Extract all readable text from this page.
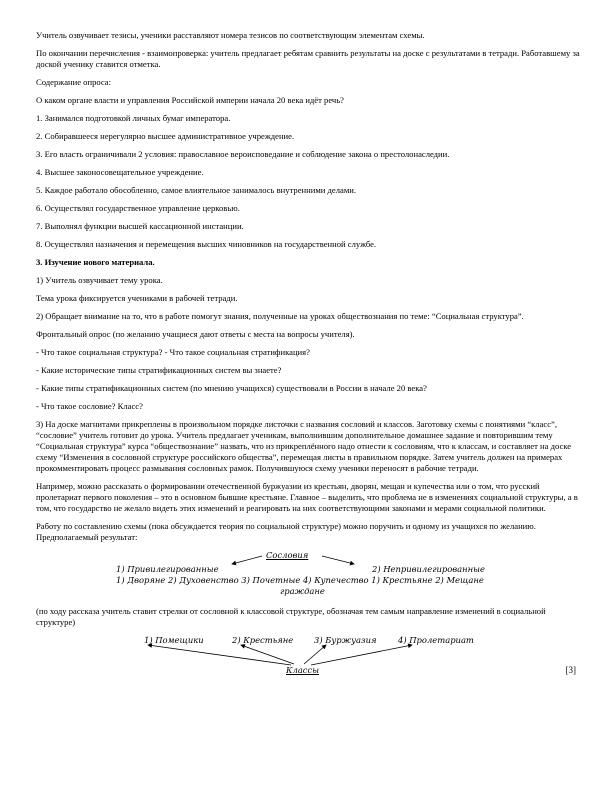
Учитель озвучивает тезисы, ученики расставляют номера тезисов по соответствующим элементам схемы.

По окончании перечисления - взаимопроверка: учитель предлагает ребятам сравнить результаты на доске с результатами в тетради. Работавшему за доской ученику ставится отметка.

Содержание опроса:

О каком органе власти и управления Российской империи начала 20 века идёт речь?

1. Занимался подготовкой личных бумаг императора.

2. Собиравшееся нерегулярно высшее административное учреждение.

3. Его власть ограничивали 2 условия: православное вероисповедание и соблюдение закона о престолонаследии.

4. Высшее законосовещательное учреждение.

5. Каждое работало обособленно, самое влиятельное занималось внутренними делами.

6. Осуществлял государственное управление церковью.

7. Выполнял функции высшей кассационной инстанции.

8. Осуществлял назначения и перемещения высших чиновников на государственной службе.

3. Изучение нового материала.

1) Учитель озвучивает тему урока.

Тема урока фиксируется учениками в рабочей тетради.

2) Обращает внимание на то, что в работе помогут знания, полученные на уроках обществознания по теме: “Социальная структура”.

Фронтальный опрос (по желанию учащиеся дают ответы с места на вопросы учителя).

- Что такое социальная структура? - Что такое социальная стратификация?

- Какие исторические типы стратификационных систем вы знаете?

- Какие типы стратификационных систем (по мнению учащихся) существовали в России в начале 20 века?

- Что такое сословие? Класс?

3) На доске магнитами прикреплены в произвольном порядке листочки с названия сословий и классов. Заготовку схемы с понятиями “класс”, “сословие” учитель готовит до урока. Учитель предлагает ученикам, выполнившим дополнительное домашнее задание и повторившим тему “Социальная структура” курса “обществознание” назвать, что из прикреплённого надо отнести к сословиям, что к классам, и составляет на доске схему “Изменения в сословной структуре российского общества”, перемещая листы в правильном порядке. Затем учитель должен на примерах прокомментировать процесс размывания сословных рамок. Получившуюся схему ученики переносят в рабочие тетради.

Например, можно рассказать о формировании отечественной буржуазии из крестьян, дворян, мещан и купечества или о том, что русский пролетариат первого поколения – это в основном бывшие крестьяне. Главное – выделить, что проблема не в изменениях социальной структуры, а в том, что государство не желало видеть этих изменений и реагировать на них соответствующими законами и мерами социальной политики.

Работу по составлению схемы (пока обсуждается теория по социальной структуре) можно поручить и одному из учащихся по желанию. Предполагаемый результат:

Сословия
1) Привилегированные	2) Непривилегированные
1) Дворяне 2) Духовенство 3) Почетные 4) Купечество 1) Крестьяне 2) Мещане
граждане

(по ходу рассказа учитель ставит стрелки от сословной к классовой структуре, обозначая тем самым направление изменений в социальной структуре)

1) Помещики	2) Крестьяне 3) Буржуазия	4) Пролетариат
Классы	[3]
